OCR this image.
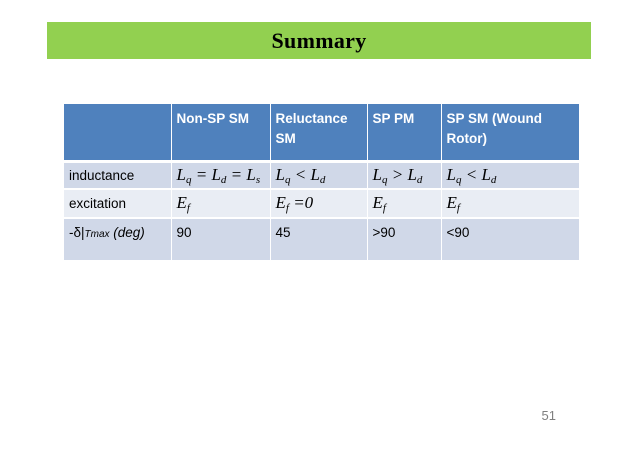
Summary
	Non-SP SM	Reluctance SM	SP PM	SP SM (Wound Rotor)
inductance	$L_q = L_d = L_s$	$L_q < L_d$	$L_q > L_d$	$L_q < L_d$
excitation	$E_f$	$E_f =0$	$E_f$	$E_f$
-δ|Tmax (deg)	90	45	>90	<90
51
